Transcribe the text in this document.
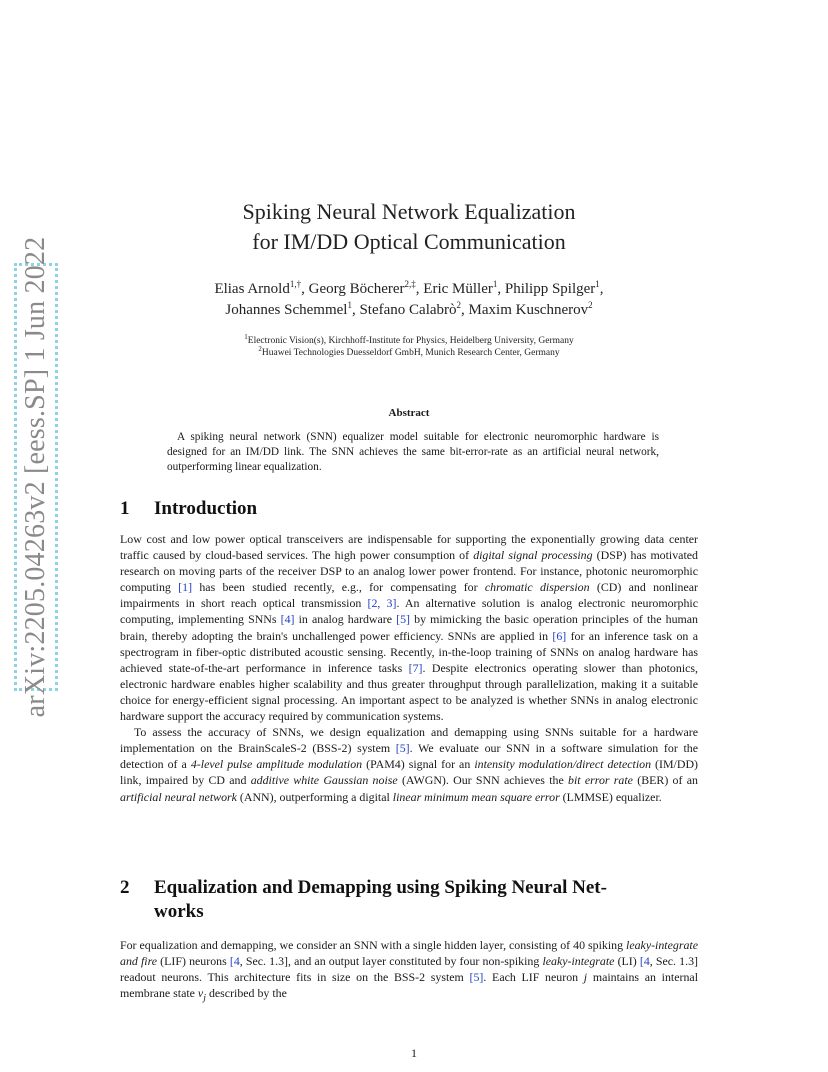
arXiv:2205.04263v2 [eess.SP] 1 Jun 2022
Spiking Neural Network Equalization
for IM/DD Optical Communication
Elias Arnold$^{1,\dagger}$, Georg Böcherer$^{2,\ddagger}$, Eric Müller$^1$, Philipp Spilger$^1$,
Johannes Schemmel$^1$, Stefano Calabrò$^2$, Maxim Kuschnerov$^2$
$^1$Electronic Vision(s), Kirchhoff-Institute for Physics, Heidelberg University, Germany
$^2$Huawei Technologies Duesseldorf GmbH, Munich Research Center, Germany
Abstract
A spiking neural network (SNN) equalizer model suitable for electronic neuromorphic hardware is designed for an IM/DD link. The SNN achieves the same bit-error-rate as an artificial neural network, outperforming linear equalization.
1 Introduction

Low cost and low power optical transceivers are indispensable for supporting the exponentially growing data center traffic caused by cloud-based services. The high power consumption of digital signal processing (DSP) has motivated research on moving parts of the receiver DSP to an analog lower power frontend. For instance, photonic neuromorphic computing [1] has been studied recently, e.g., for compensating for chromatic dispersion (CD) and nonlinear impairments in short reach optical transmission [2, 3]. An alternative solution is analog electronic neuromorphic computing, implementing SNNs [4] in analog hardware [5] by mimicking the basic operation principles of the human brain, thereby adopting the brain's unchallenged power efficiency. SNNs are applied in [6] for an inference task on a spectrogram in fiber-optic distributed acoustic sensing. Recently, in-the-loop training of SNNs on analog hardware has achieved state-of-the-art performance in inference tasks [7]. Despite electronics operating slower than photonics, electronic hardware enables higher scalability and thus greater throughput through parallelization, making it a suitable choice for energy-efficient signal processing. An important aspect to be analyzed is whether SNNs in analog electronic hardware support the accuracy required by communication systems.

To assess the accuracy of SNNs, we design equalization and demapping using SNNs suitable for a hardware implementation on the BrainScaleS-2 (BSS-2) system [5]. We evaluate our SNN in a software simulation for the detection of a 4-level pulse amplitude modulation (PAM4) signal for an intensity modulation/direct detection (IM/DD) link, impaired by CD and additive white Gaussian noise (AWGN). Our SNN achieves the bit error rate (BER) of an artificial neural network (ANN), outperforming a digital linear minimum mean square error (LMMSE) equalizer.

2 Equalization and Demapping using Spiking Neural Net-
works

For equalization and demapping, we consider an SNN with a single hidden layer, consisting of 40 spiking leaky-integrate and fire (LIF) neurons [4, Sec. 1.3], and an output layer constituted by four non-spiking leaky-integrate (LI) [4, Sec. 1.3] readout neurons. This architecture fits in size on the BSS-2 system [5]. Each LIF neuron j maintains an internal membrane state $v_j$ described by the

1
